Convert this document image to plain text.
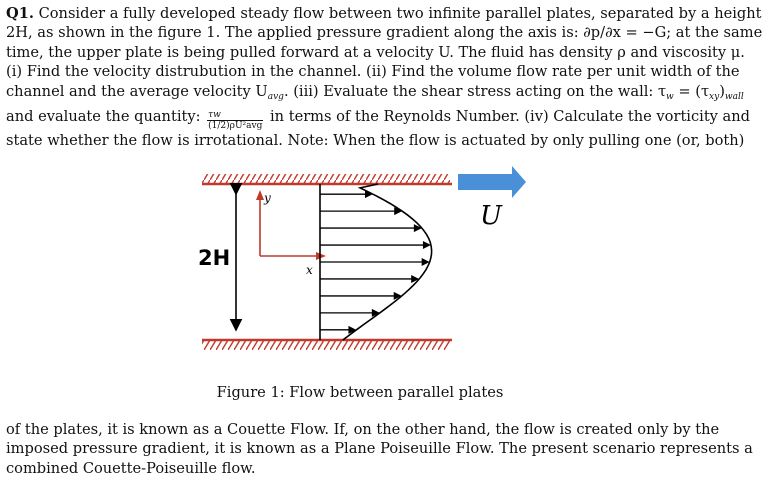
Q1. Consider a fully developed steady flow between two infinite parallel plates, separated by a height
2H, as shown in the figure 1. The applied pressure gradient along the axis is: ∂p/∂x = −G; at the same
time, the upper plate is being pulled forward at a velocity U. The fluid has density ρ and viscosity μ.
(i) Find the velocity distrubution in the channel. (ii) Find the volume flow rate per unit width of the
channel and the average velocity $U_{avg}$. (iii) Evaluate the shear stress acting on the wall: $\tau_w = (\tau_{xy})_{wall}$
and evaluate the quantity: $\frac{\tau w}{\text{(1/2)ρU²avg}}$ in terms of the Reynolds Number. (iv) Calculate the vorticity and
state whether the flow is irrotational. Note: When the flow is actuated by only pulling one (or, both)
U
2H
y
x
Figure 1: Flow between parallel plates
of the plates, it is known as a Couette Flow. If, on the other hand, the flow is created only by the
imposed pressure gradient, it is known as a Plane Poiseuille Flow. The present scenario represents a
combined Couette-Poiseuille flow.
